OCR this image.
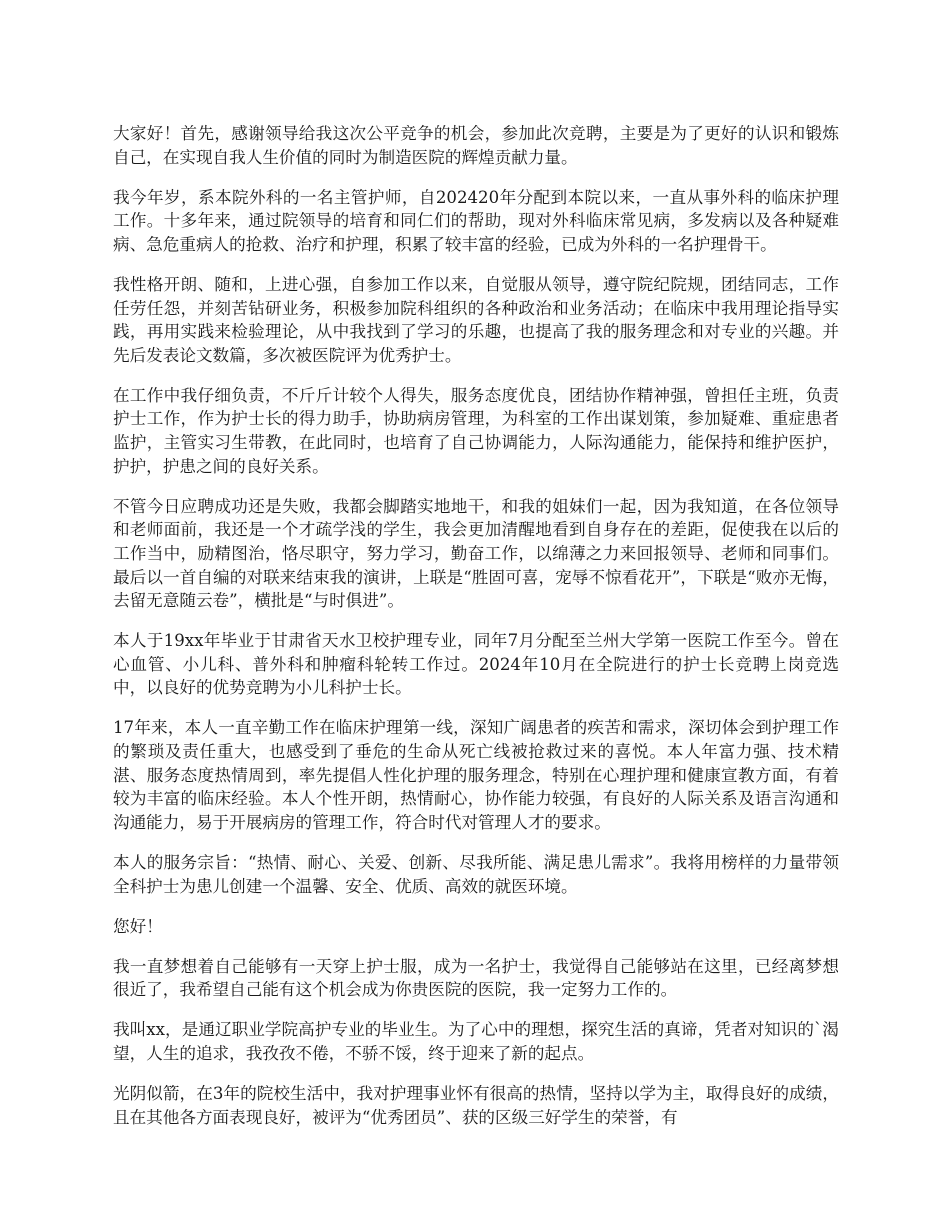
大家好！首先，感谢领导给我这次公平竞争的机会，参加此次竞聘，主要是为了更好的认识和锻炼自己，在实现自我人生价值的同时为制造医院的辉煌贡献力量。

我今年岁，系本院外科的一名主管护师，自202420年分配到本院以来，一直从事外科的临床护理工作。十多年来，通过院领导的培育和同仁们的帮助，现对外科临床常见病，多发病以及各种疑难病、急危重病人的抢救、治疗和护理，积累了较丰富的经验，已成为外科的一名护理骨干。

我性格开朗、随和，上进心强，自参加工作以来，自觉服从领导，遵守院纪院规，团结同志，工作任劳任怨，并刻苦钻研业务，积极参加院科组织的各种政治和业务活动；在临床中我用理论指导实践，再用实践来检验理论，从中我找到了学习的乐趣，也提高了我的服务理念和对专业的兴趣。并先后发表论文数篇，多次被医院评为优秀护士。

在工作中我仔细负责，不斤斤计较个人得失，服务态度优良，团结协作精神强，曾担任主班，负责护士工作，作为护士长的得力助手，协助病房管理，为科室的工作出谋划策，参加疑难、重症患者监护，主管实习生带教，在此同时，也培育了自己协调能力，人际沟通能力，能保持和维护医护，护护，护患之间的良好关系。

不管今日应聘成功还是失败，我都会脚踏实地地干，和我的姐妹们一起，因为我知道，在各位领导和老师面前，我还是一个才疏学浅的学生，我会更加清醒地看到自身存在的差距，促使我在以后的工作当中，励精图治，恪尽职守，努力学习，勤奋工作，以绵薄之力来回报领导、老师和同事们。最后以一首自编的对联来结束我的演讲，上联是“胜固可喜，宠辱不惊看花开”，下联是“败亦无悔，去留无意随云卷”，横批是“与时俱进”。

本人于19xx年毕业于甘肃省天水卫校护理专业，同年7月分配至兰州大学第一医院工作至今。曾在心血管、小儿科、普外科和肿瘤科轮转工作过。2024年10月在全院进行的护士长竞聘上岗竞选中，以良好的优势竞聘为小儿科护士长。

17年来，本人一直辛勤工作在临床护理第一线，深知广阔患者的疾苦和需求，深切体会到护理工作的繁琐及责任重大，也感受到了垂危的生命从死亡线被抢救过来的喜悦。本人年富力强、技术精湛、服务态度热情周到，率先提倡人性化护理的服务理念，特别在心理护理和健康宣教方面，有着较为丰富的临床经验。本人个性开朗，热情耐心，协作能力较强，有良好的人际关系及语言沟通和沟通能力，易于开展病房的管理工作，符合时代对管理人才的要求。

本人的服务宗旨：“热情、耐心、关爱、创新、尽我所能、满足患儿需求”。我将用榜样的力量带领全科护士为患儿创建一个温馨、安全、优质、高效的就医环境。

您好！

我一直梦想着自己能够有一天穿上护士服，成为一名护士，我觉得自己能够站在这里，已经离梦想很近了，我希望自己能有这个机会成为你贵医院的医院，我一定努力工作的。

我叫xx，是通辽职业学院高护专业的毕业生。为了心中的理想，探究生活的真谛，凭者对知识的`渴望，人生的追求，我孜孜不倦，不骄不馁，终于迎来了新的起点。

光阴似箭，在3年的院校生活中，我对护理事业怀有很高的热情，坚持以学为主，取得良好的成绩，且在其他各方面表现良好，被评为“优秀团员”、获的区级三好学生的荣誉，有
